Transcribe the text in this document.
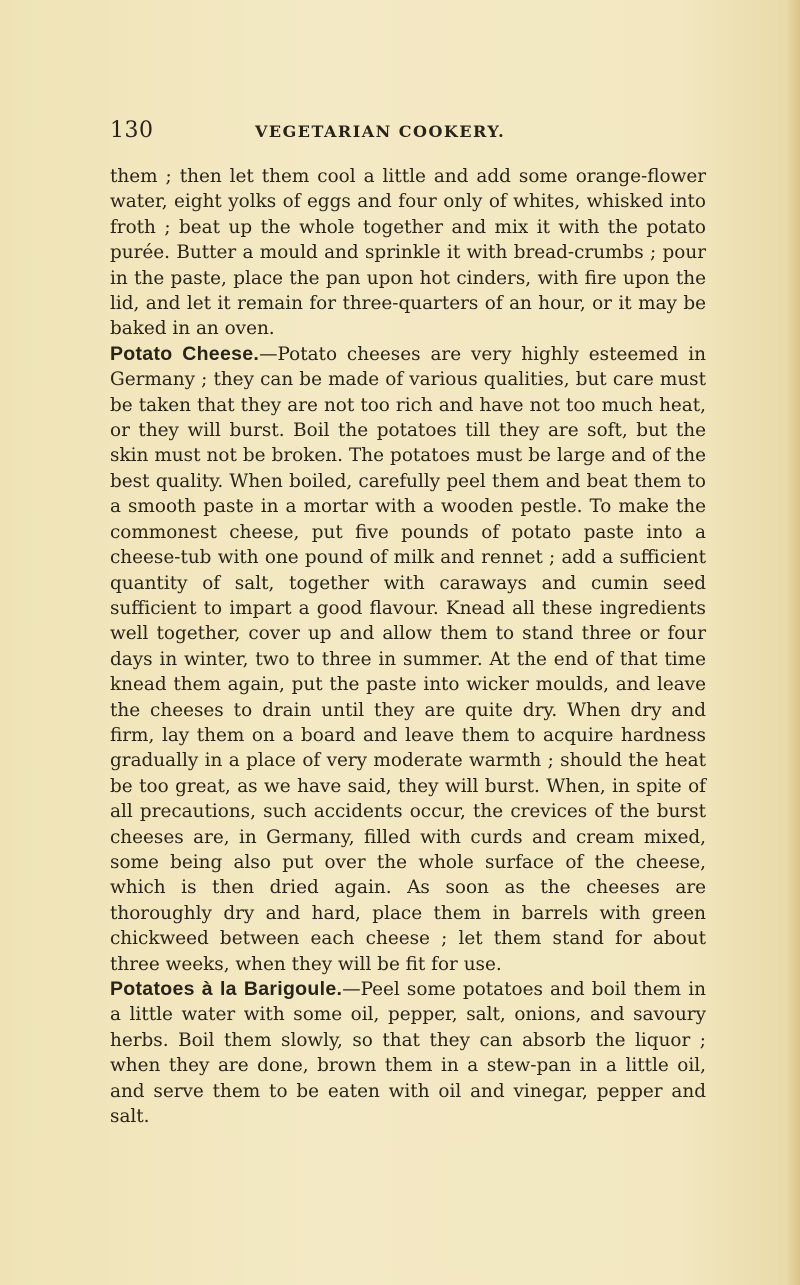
130	VEGETARIAN COOKERY.

them ; then let them cool a little and add some orange-flower water, eight yolks of eggs and four only of whites, whisked into froth ; beat up the whole together and mix it with the potato purée. Butter a mould and sprinkle it with bread-crumbs ; pour in the paste, place the pan upon hot cinders, with fire upon the lid, and let it remain for three-quarters of an hour, or it may be baked in an oven.

Potato Cheese.—Potato cheeses are very highly esteemed in Germany ; they can be made of various qualities, but care must be taken that they are not too rich and have not too much heat, or they will burst. Boil the potatoes till they are soft, but the skin must not be broken. The potatoes must be large and of the best quality. When boiled, carefully peel them and beat them to a smooth paste in a mortar with a wooden pestle. To make the commonest cheese, put five pounds of potato paste into a cheese-tub with one pound of milk and rennet ; add a sufficient quantity of salt, together with caraways and cumin seed sufficient to impart a good flavour. Knead all these ingredients well together, cover up and allow them to stand three or four days in winter, two to three in summer. At the end of that time knead them again, put the paste into wicker moulds, and leave the cheeses to drain until they are quite dry. When dry and firm, lay them on a board and leave them to acquire hardness gradually in a place of very moderate warmth ; should the heat be too great, as we have said, they will burst. When, in spite of all precautions, such accidents occur, the crevices of the burst cheeses are, in Germany, filled with curds and cream mixed, some being also put over the whole surface of the cheese, which is then dried again. As soon as the cheeses are thoroughly dry and hard, place them in barrels with green chickweed between each cheese ; let them stand for about three weeks, when they will be fit for use.

Potatoes à la Barigoule.—Peel some potatoes and boil them in a little water with some oil, pepper, salt, onions, and savoury herbs. Boil them slowly, so that they can absorb the liquor ; when they are done, brown them in a stew-pan in a little oil, and serve them to be eaten with oil and vinegar, pepper and salt.
